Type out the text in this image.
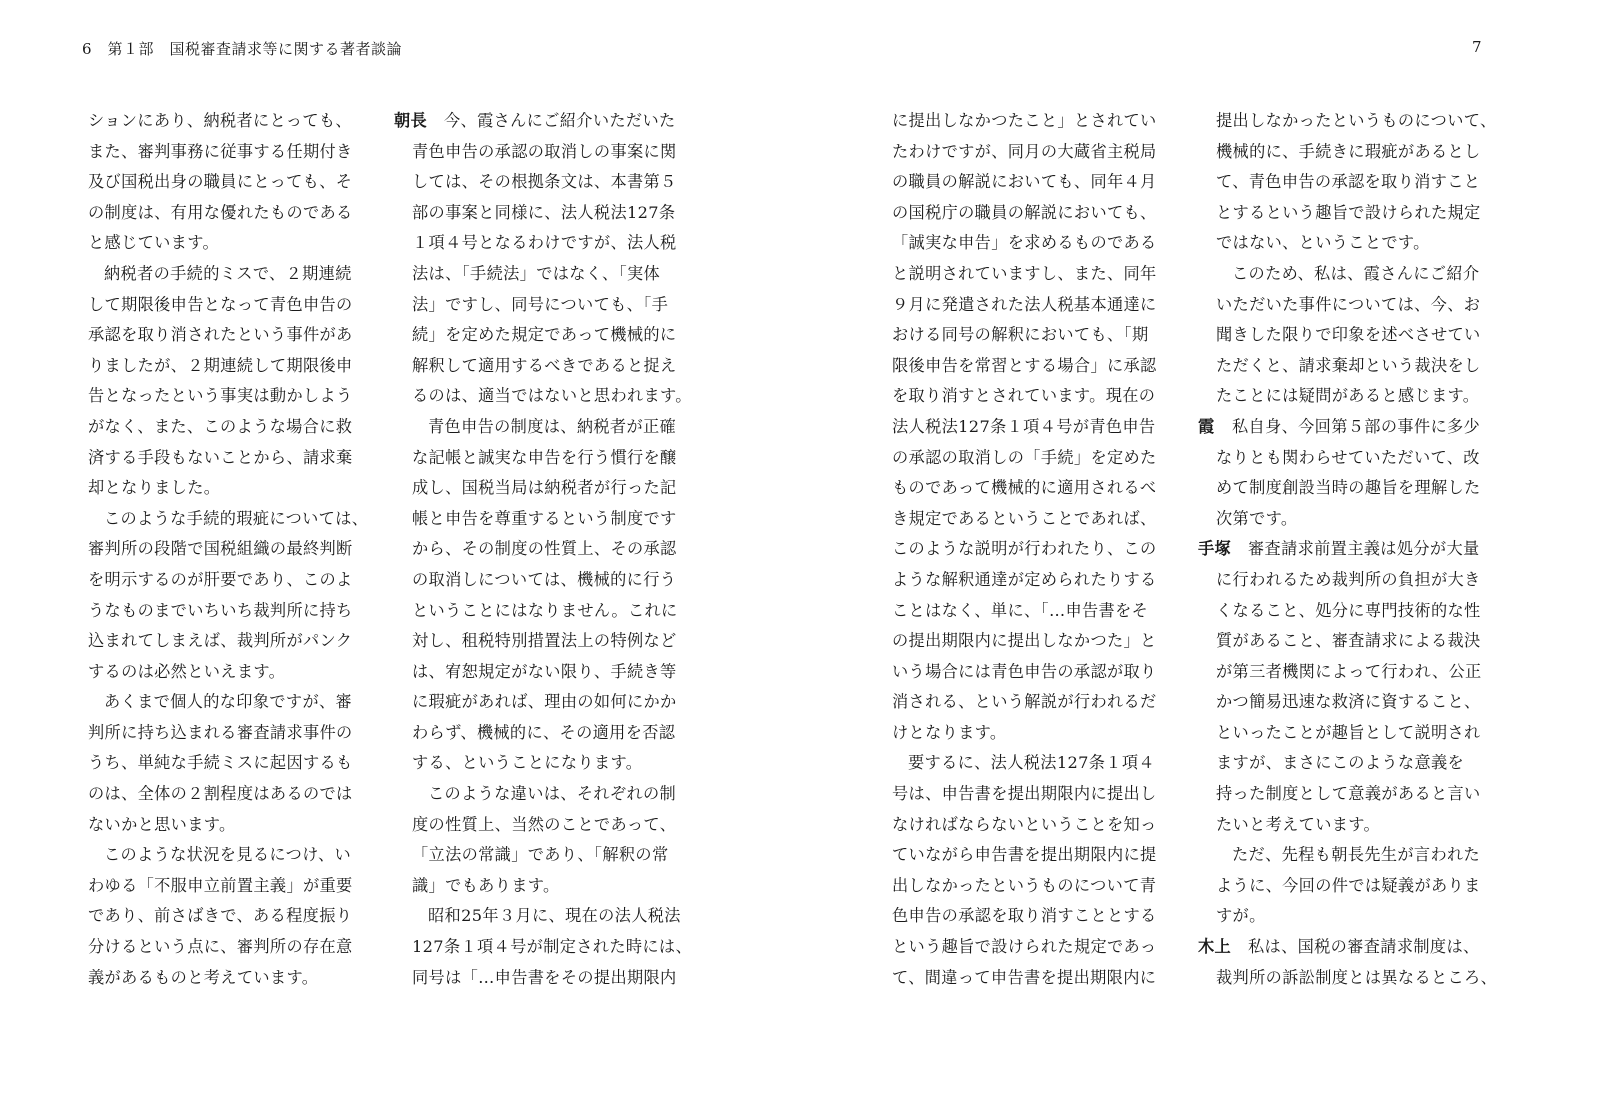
6　第１部　国税審査請求等に関する著者談論
ションにあり、納税者にとっても、
また、審判事務に従事する任期付き
及び国税出身の職員にとっても、そ
の制度は、有用な優れたものである
と感じています。
納税者の手続的ミスで、２期連続
して期限後申告となって青色申告の
承認を取り消されたという事件があ
りましたが、２期連続して期限後申
告となったという事実は動かしよう
がなく、また、このような場合に救
済する手段もないことから、請求棄
却となりました。
このような手続的瑕疵については、
審判所の段階で国税組織の最終判断
を明示するのが肝要であり、このよ
うなものまでいちいち裁判所に持ち
込まれてしまえば、裁判所がパンク
するのは必然といえます。
あくまで個人的な印象ですが、審
判所に持ち込まれる審査請求事件の
うち、単純な手続ミスに起因するも
のは、全体の２割程度はあるのでは
ないかと思います。
このような状況を見るにつけ、い
わゆる「不服申立前置主義」が重要
であり、前さばきで、ある程度振り
分けるという点に、審判所の存在意
義があるものと考えています。
朝長 今、霞さんにご紹介いただいた
青色申告の承認の取消しの事案に関
しては、その根拠条文は、本書第５
部の事案と同様に、法人税法127条
１項４号となるわけですが、法人税
法は、「手続法」ではなく、「実体
法」ですし、同号についても、「手
続」を定めた規定であって機械的に
解釈して適用するべきであると捉え
るのは、適当ではないと思われます。
青色申告の制度は、納税者が正確
な記帳と誠実な申告を行う慣行を醸
成し、国税当局は納税者が行った記
帳と申告を尊重するという制度です
から、その制度の性質上、その承認
の取消しについては、機械的に行う
ということにはなりません。これに
対し、租税特別措置法上の特例など
は、宥恕規定がない限り、手続き等
に瑕疵があれば、理由の如何にかか
わらず、機械的に、その適用を否認
する、ということになります。
このような違いは、それぞれの制
度の性質上、当然のことであって、
「立法の常識」であり、「解釈の常
識」でもあります。
昭和25年３月に、現在の法人税法
127条１項４号が制定された時には、
同号は「…申告書をその提出期限内
7
に提出しなかつたこと」とされてい
たわけですが、同月の大蔵省主税局
の職員の解説においても、同年４月
の国税庁の職員の解説においても、
「誠実な申告」を求めるものである
と説明されていますし、また、同年
９月に発遣された法人税基本通達に
おける同号の解釈においても、「期
限後申告を常習とする場合」に承認
を取り消すとされています。現在の
法人税法127条１項４号が青色申告
の承認の取消しの「手続」を定めた
ものであって機械的に適用されるべ
き規定であるということであれば、
このような説明が行われたり、この
ような解釈通達が定められたりする
ことはなく、単に、「…申告書をそ
の提出期限内に提出しなかつた」と
いう場合には青色申告の承認が取り
消される、という解説が行われるだ
けとなります。
要するに、法人税法127条１項４
号は、申告書を提出期限内に提出し
なければならないということを知っ
ていながら申告書を提出期限内に提
出しなかったというものについて青
色申告の承認を取り消すこととする
という趣旨で設けられた規定であっ
て、間違って申告書を提出期限内に
提出しなかったというものについて、
機械的に、手続きに瑕疵があるとし
て、青色申告の承認を取り消すこと
とするという趣旨で設けられた規定
ではない、ということです。
このため、私は、霞さんにご紹介
いただいた事件については、今、お
聞きした限りで印象を述べさせてい
ただくと、請求棄却という裁決をし
たことには疑問があると感じます。
霞 私自身、今回第５部の事件に多少
なりとも関わらせていただいて、改
めて制度創設当時の趣旨を理解した
次第です。
手塚 審査請求前置主義は処分が大量
に行われるため裁判所の負担が大き
くなること、処分に専門技術的な性
質があること、審査請求による裁決
が第三者機関によって行われ、公正
かつ簡易迅速な救済に資すること、
といったことが趣旨として説明され
ますが、まさにこのような意義を
持った制度として意義があると言い
たいと考えています。
ただ、先程も朝長先生が言われた
ように、今回の件では疑義がありま
すが。
木上 私は、国税の審査請求制度は、
裁判所の訴訟制度とは異なるところ、
